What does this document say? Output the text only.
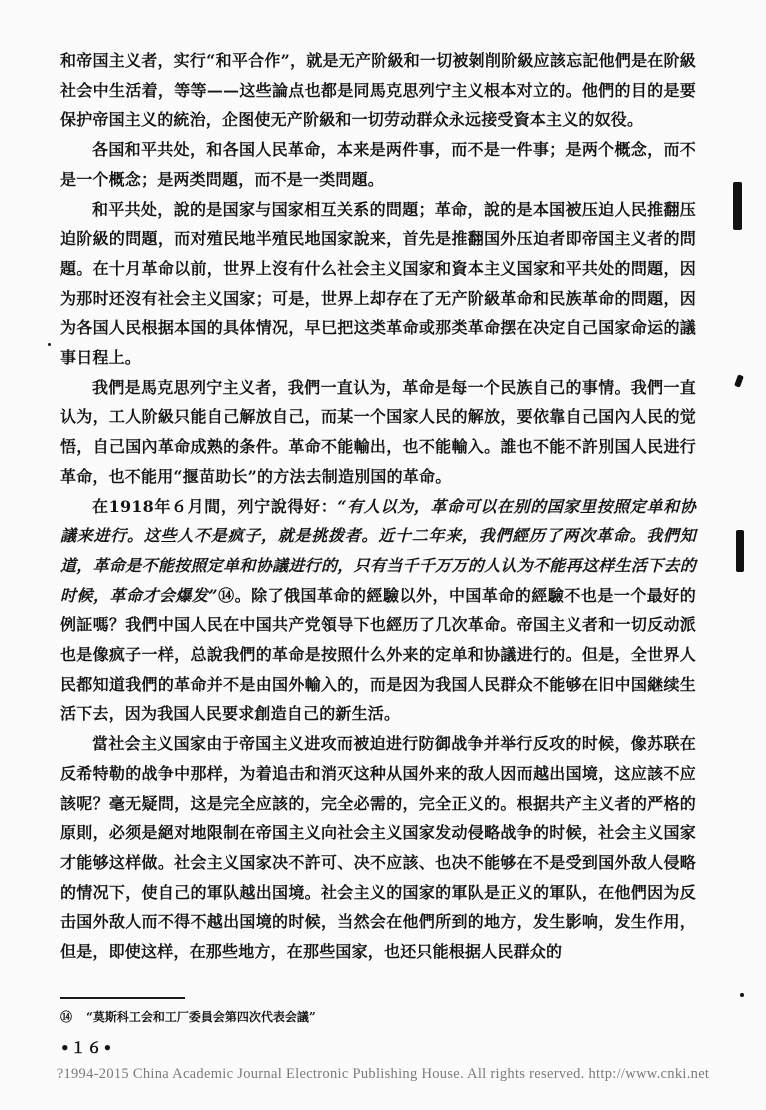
和帝国主义者，实行“和平合作”，就是无产阶級和一切被剝削阶級应該忘記他們是在阶級社会中生活着，等等——这些論点也都是同馬克思列宁主义根本对立的。他們的目的是要保护帝国主义的統治，企图使无产阶級和一切劳动群众永远接受資本主义的奴役。

各国和平共处，和各国人民革命，本来是两件事，而不是一件事；是两个概念，而不是一个概念；是两类問題，而不是一类問題。

和平共处，說的是国家与国家相互关系的問題；革命，說的是本国被压迫人民推翻压迫阶級的問題，而对殖民地半殖民地国家說来，首先是推翻国外压迫者即帝国主义者的問題。在十月革命以前，世界上沒有什么社会主义国家和資本主义国家和平共处的問題，因为那时还沒有社会主义国家；可是，世界上却存在了无产阶級革命和民族革命的問題，因为各国人民根据本国的具体情况，早巳把这类革命或那类革命摆在决定自己国家命运的議事日程上。

我們是馬克思列宁主义者，我們一直认为，革命是每一个民族自己的事情。我們一直认为，工人阶級只能自己解放自己，而某一个国家人民的解放，要依靠自己国內人民的觉悟，自己国內革命成熟的条件。革命不能輸出，也不能輸入。誰也不能不許別国人民进行革命，也不能用“揠苗助长”的方法去制造別国的革命。

在1918年６月間，列宁說得好：“有人以为，革命可以在别的国家里按照定单和协議来进行。这些人不是疯子，就是挑拨者。近十二年来，我們經历了两次革命。我們知道，革命是不能按照定单和协議进行的，只有当千千万万的人认为不能再这样生活下去的时候，革命才会爆发”⑭。除了俄国革命的經驗以外，中国革命的經驗不也是一个最好的例証嗎？我們中国人民在中国共产党領导下也經历了几次革命。帝国主义者和一切反动派也是像疯子一样，总說我們的革命是按照什么外来的定单和协議进行的。但是，全世界人民都知道我們的革命并不是由国外輸入的，而是因为我国人民群众不能够在旧中国継续生活下去，因为我国人民要求創造自己的新生活。

當社会主义国家由于帝国主义进攻而被迫进行防御战争并举行反攻的时候，像苏联在反希特勒的战争中那样，为着追击和消灭这种从国外来的敌人因而越出国境，这应該不应該呢？毫无疑問，这是完全应該的，完全必需的，完全正义的。根据共产主义者的严格的原則，必须是絕对地限制在帝国主义向社会主义国家发动侵略战争的时候，社会主义国家才能够这样做。社会主义国家决不許可、决不应該、也决不能够在不是受到国外敌人侵略的情况下，使自己的軍队越出国境。社会主义的国家的軍队是正义的軍队，在他們因为反击国外敌人而不得不越出国境的时候，当然会在他們所到的地方，发生影响，发生作用，但是，即使这样，在那些地方，在那些国家，也还只能根据人民群众的

⑭ “莫斯科工会和工厂委員会第四次代表会議”
•１６•
?1994-2015 China Academic Journal Electronic Publishing House. All rights reserved. http://www.cnki.net
